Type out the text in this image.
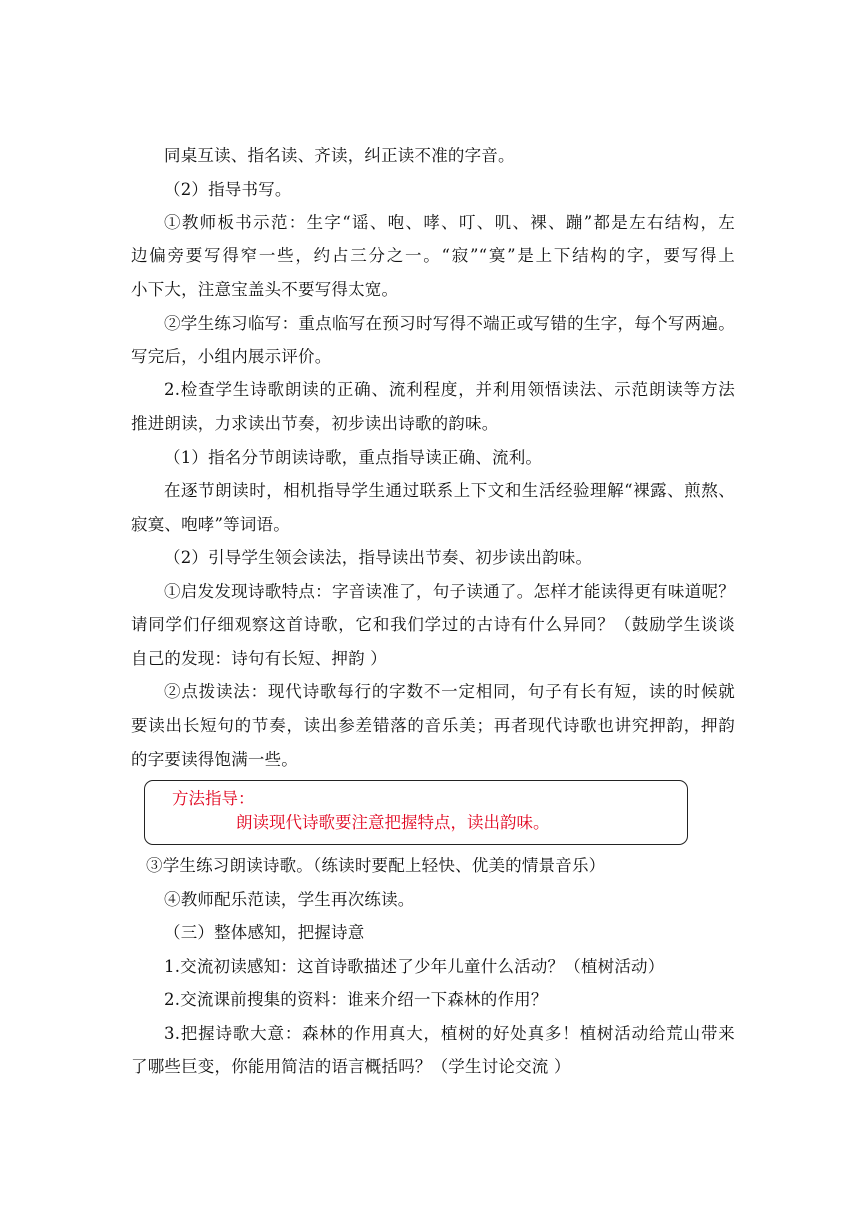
同桌互读、指名读、齐读，纠正读不准的字音。
（2）指导书写。
①教师板书示范：生字“谣、咆、哮、叮、叽、裸、蹦”都是左右结构，左
边偏旁要写得窄一些，约占三分之一。“寂”“寞”是上下结构的字，要写得上
小下大，注意宝盖头不要写得太宽。
②学生练习临写：重点临写在预习时写得不端正或写错的生字，每个写两遍。
写完后，小组内展示评价。
2.检查学生诗歌朗读的正确、流利程度，并利用领悟读法、示范朗读等方法
推进朗读，力求读出节奏，初步读出诗歌的韵味。
（1）指名分节朗读诗歌，重点指导读正确、流利。
在逐节朗读时，相机指导学生通过联系上下文和生活经验理解“裸露、煎熬、
寂寞、咆哮”等词语。
（2）引导学生领会读法，指导读出节奏、初步读出韵味。
①启发发现诗歌特点：字音读准了，句子读通了。怎样才能读得更有味道呢？
请同学们仔细观察这首诗歌，它和我们学过的古诗有什么异同？（鼓励学生谈谈
自己的发现：诗句有长短、押韵 ）
②点拨读法：现代诗歌每行的字数不一定相同，句子有长有短，读的时候就
要读出长短句的节奏，读出参差错落的音乐美；再者现代诗歌也讲究押韵，押韵
的字要读得饱满一些。
方法指导：
朗读现代诗歌要注意把握特点，读出韵味。
③学生练习朗读诗歌。（练读时要配上轻快、优美的情景音乐）
④教师配乐范读，学生再次练读。
（三）整体感知，把握诗意
1.交流初读感知：这首诗歌描述了少年儿童什么活动？（植树活动）
2.交流课前搜集的资料：谁来介绍一下森林的作用？
3.把握诗歌大意：森林的作用真大，植树的好处真多！植树活动给荒山带来
了哪些巨变，你能用简洁的语言概括吗？（学生讨论交流 ）
